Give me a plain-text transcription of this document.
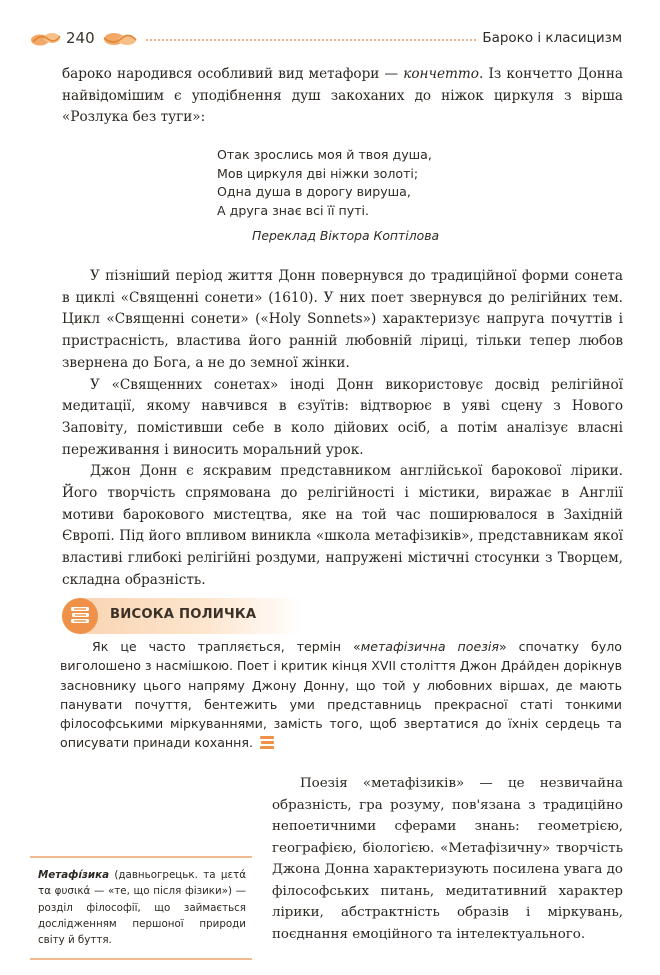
240	Бароко і класицизм

бароко народився особливий вид метафори — кончетто. Із кончетто Донна найвідомішим є уподібнення душ закоханих до ніжок циркуля з вірша «Розлука без туги»:

Отак зрослись моя й твоя душа,
Мов циркуля дві ніжки золоті;
Одна душа в дорогу вируша,
А друга знає всі її путі.
Переклад Віктора Коптілова

У пізніший період життя Донн повернувся до традиційної форми сонета в циклі «Священні сонети» (1610). У них поет звернувся до релігійних тем. Цикл «Священні сонети» («Holy Sonnets») характеризує напруга почуттів і пристрасність, властива його ранній любовній ліриці, тільки тепер любов звернена до Бога, а не до земної жінки.

У «Священних сонетах» іноді Донн використовує досвід релігійної медитації, якому навчився в єзуїтів: відтворює в уяві сцену з Нового Заповіту, помістивши себе в коло дійових осіб, а потім аналізує власні переживання і виносить моральний урок.

Джон Донн є яскравим представником англійської барокової лірики. Його творчість спрямована до релігійності і містики, виражає в Англії мотиви барокового мистецтва, яке на той час поширювалося в Західній Європі. Під його впливом виникла «школа метафізиків», представникам якої властиві глибокі релігійні роздуми, напружені містичні стосунки з Творцем, складна образність.

ВИСОКА ПОЛИЧКА

Як це часто трапляється, термін «метафізична поезія» спочатку було виголошено з насмішкою. Поет і критик кінця XVII століття Джон Дра́йден дорікнув засновнику цього напряму Джону Донну, що той у любовних віршах, де мають панувати почуття, бентежить уми представниць прекрасної статі тонкими філософськими міркуваннями, замість того, щоб звертатися до їхніх сердець та описувати принади кохання.

Поезія «метафізиків» — це незвичайна образність, гра розуму, пов'язана з традиційно непоетичними сферами знань: геометрією, географією, біологією. «Метафізичну» творчість Джона Донна характеризують посилена увага до філософських питань, медитативний характер лірики, абстрактність образів і міркувань, поєднання емоційного та інтелектуального.

Метафі́зика (давньогрецьк. та μετά τα φυσικά — «те, що після фізики») — розділ філософії, що займається дослідженням першоної природи світу й буття.
